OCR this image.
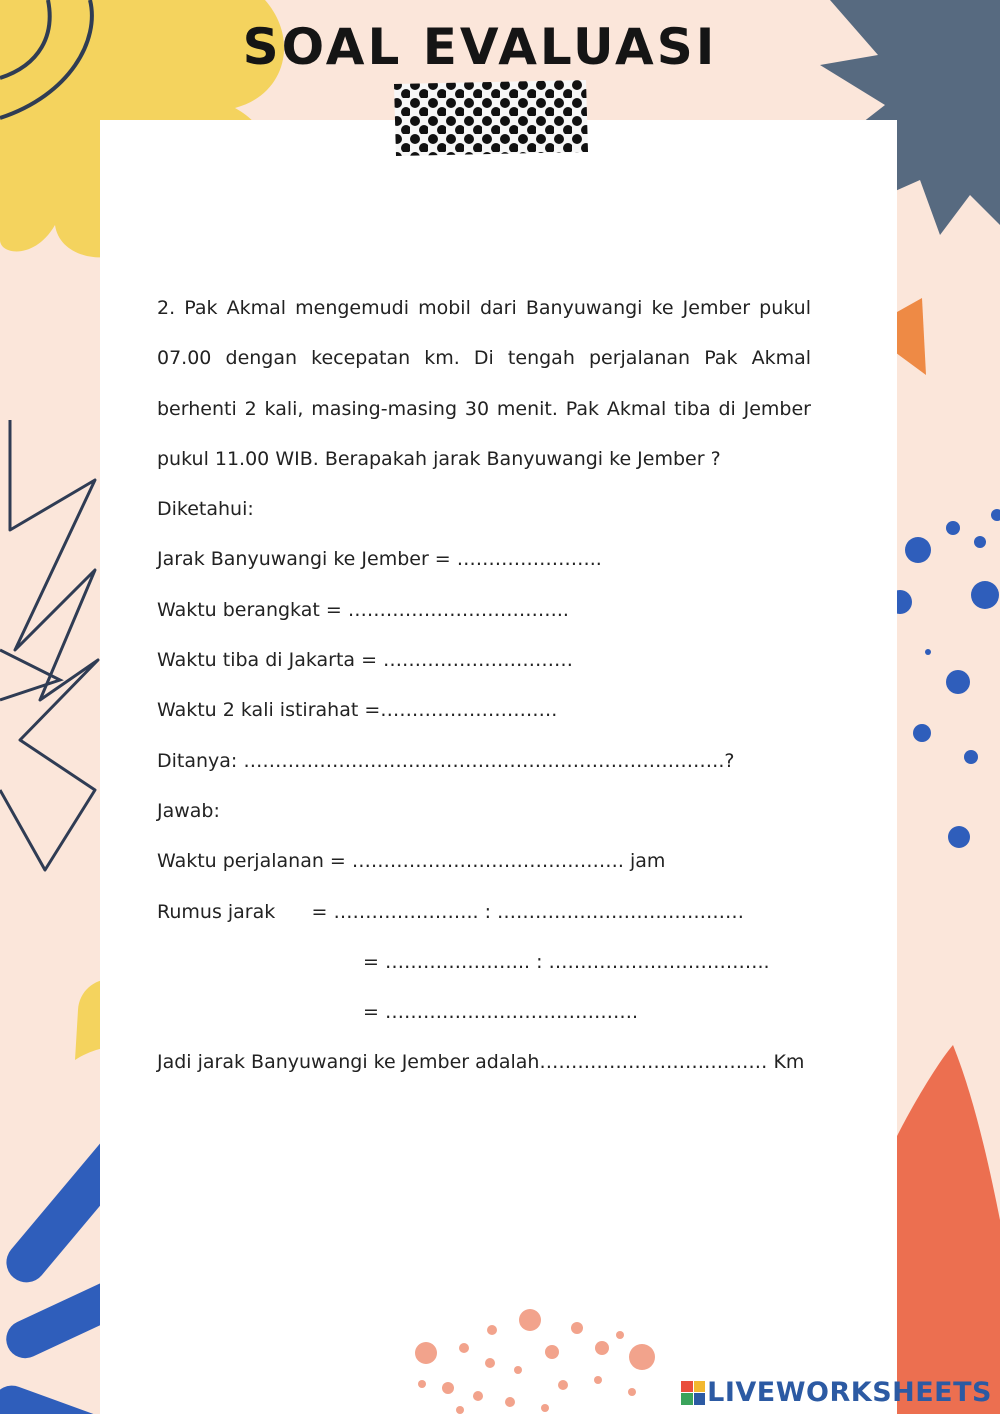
SOAL EVALUASI
2. Pak Akmal mengemudi mobil dari Banyuwangi ke Jember pukul 07.00 dengan kecepatan km. Di tengah perjalanan Pak Akmal berhenti 2 kali, masing-masing 30 menit. Pak Akmal tiba di Jember pukul 11.00 WIB. Berapakah jarak Banyuwangi ke Jember ?
Diketahui:
Jarak Banyuwangi ke Jember = …………………..
Waktu berangkat = ……………………………..
Waktu tiba di Jakarta = …………………………
Waktu 2 kali istirahat =……………………….
Ditanya: ………………………………………………………………….?
Jawab:
Waktu perjalanan = ……………………………………. jam
Rumus jarak      = ………………….. : …………………………………
= ………………….. : ……………………………..
= ………………………………….
Jadi jarak Banyuwangi ke Jember adalah……………………………… Km
LIVEWORKSHEETS
